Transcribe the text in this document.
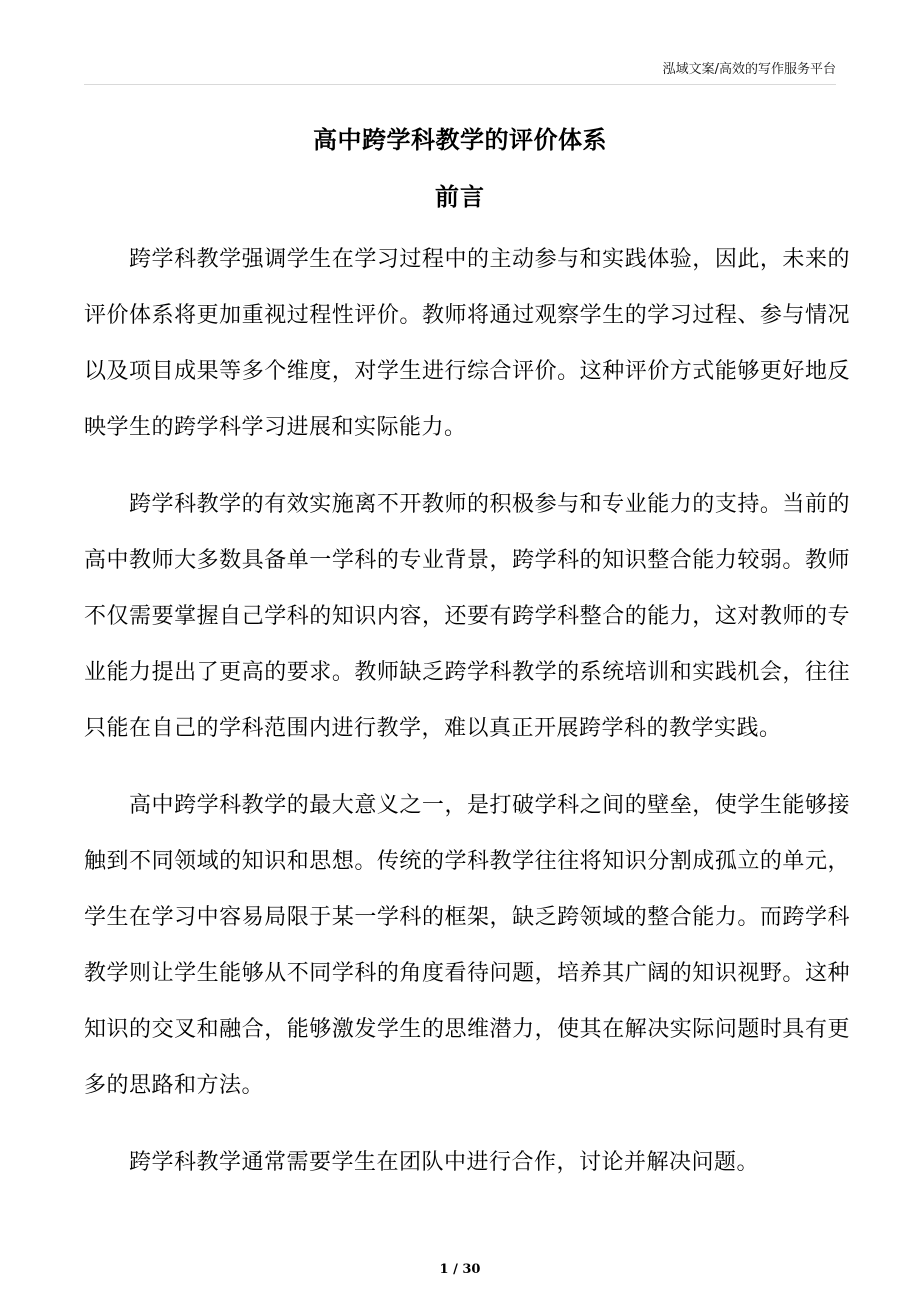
泓域文案/高效的写作服务平台
高中跨学科教学的评价体系
前言

跨学科教学强调学生在学习过程中的主动参与和实践体验，因此，未来的评价体系将更加重视过程性评价。教师将通过观察学生的学习过程、参与情况以及项目成果等多个维度，对学生进行综合评价。这种评价方式能够更好地反映学生的跨学科学习进展和实际能力。

跨学科教学的有效实施离不开教师的积极参与和专业能力的支持。当前的高中教师大多数具备单一学科的专业背景，跨学科的知识整合能力较弱。教师不仅需要掌握自己学科的知识内容，还要有跨学科整合的能力，这对教师的专业能力提出了更高的要求。教师缺乏跨学科教学的系统培训和实践机会，往往只能在自己的学科范围内进行教学，难以真正开展跨学科的教学实践。

高中跨学科教学的最大意义之一，是打破学科之间的壁垒，使学生能够接触到不同领域的知识和思想。传统的学科教学往往将知识分割成孤立的单元，学生在学习中容易局限于某一学科的框架，缺乏跨领域的整合能力。而跨学科教学则让学生能够从不同学科的角度看待问题，培养其广阔的知识视野。这种知识的交叉和融合，能够激发学生的思维潜力，使其在解决实际问题时具有更多的思路和方法。

跨学科教学通常需要学生在团队中进行合作，讨论并解决问题。

1 / 30
